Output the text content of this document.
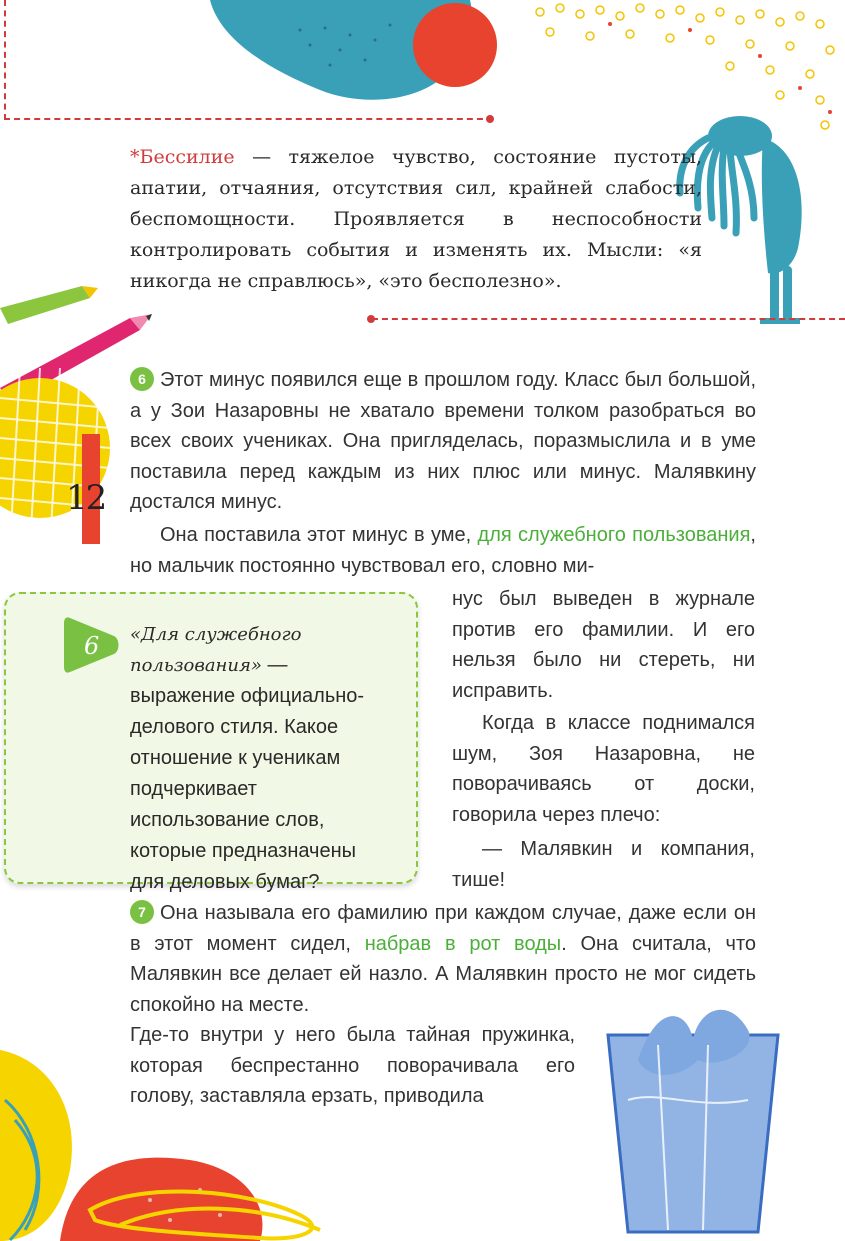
12
*Бессилие — тяжелое чувство, состояние пустоты, апатии, отчаяния, отсутствия сил, крайней слабости, беспомощности. Проявляется в неспособности контролировать события и изменять их. Мысли: «я никогда не справлюсь», «это бесполезно».
6 Этот минус появился еще в прошлом году. Класс был большой, а у Зои Назаровны не хватало времени толком разобраться во всех своих учениках. Она пригляделась, поразмыслила и в уме поставила перед каждым из них плюс или минус. Малявкину достался минус.
Она поставила этот минус в уме, для служебного пользования, но мальчик постоянно чувствовал его, словно ми-
нус был выведен в журнале против его фамилии. И его нельзя было ни стереть, ни исправить.
Когда в классе поднимался шум, Зоя Назаровна, не поворачиваясь от доски, говорила через плечо:
— Малявкин и компания, тише!
6 «Для служебного пользования» — выражение официально-делового стиля. Какое отношение к ученикам подчеркивает использование слов, которые предназначены для деловых бумаг?
7 Она называла его фамилию при каждом случае, даже если он в этот момент сидел, набрав в рот воды. Она считала, что Малявкин все делает ей назло. А Малявкин просто не мог сидеть спокойно на месте.
Где-то внутри у него была тайная пружинка, которая беспрестанно поворачивала его голову, заставляла ерзать, приводила
